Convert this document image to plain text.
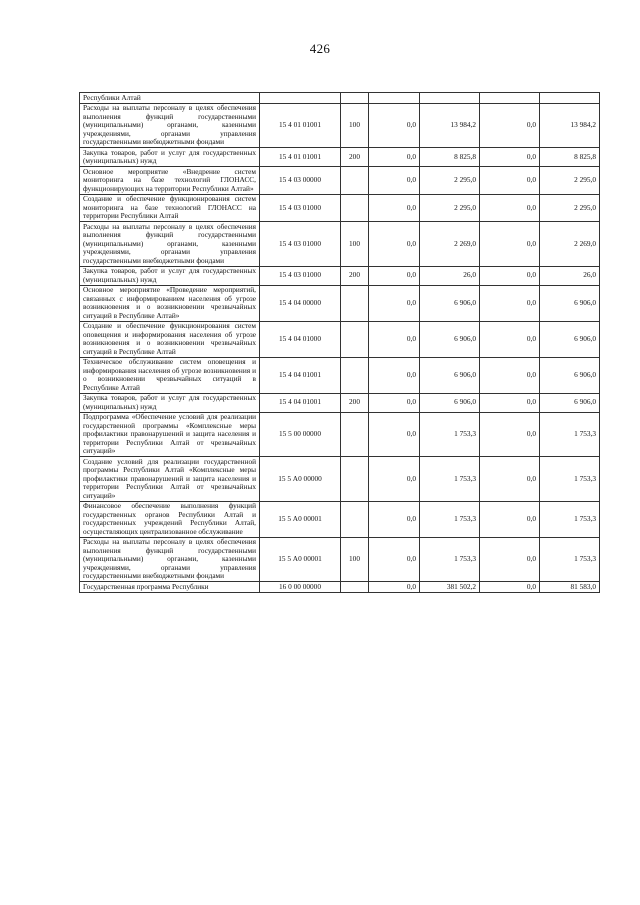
426
Республики Алтай						
Расходы на выплаты персоналу в целях обеспечения выполнения функций государственными (муниципальными) органами, казенными учреждениями, органами управления государственными внебюджетными фондами	15 4 01 01001	100	0,0	13 984,2	0,0	13 984,2
Закупка товаров, работ и услуг для государственных (муниципальных) нужд	15 4 01 01001	200	0,0	8 825,8	0,0	8 825,8
Основное мероприятие «Внедрение систем мониторинга на базе технологий ГЛОНАСС, функционирующих на территории Республики Алтай»	15 4 03 00000		0,0	2 295,0	0,0	2 295,0
Создание и обеспечение функционирования систем мониторинга на базе технологий ГЛОНАСС на территории Республики Алтай	15 4 03 01000		0,0	2 295,0	0,0	2 295,0
Расходы на выплаты персоналу в целях обеспечения выполнения функций государственными (муниципальными) органами, казенными учреждениями, органами управления государственными внебюджетными фондами	15 4 03 01000	100	0,0	2 269,0	0,0	2 269,0
Закупка товаров, работ и услуг для государственных (муниципальных) нужд	15 4 03 01000	200	0,0	26,0	0,0	26,0
Основное мероприятие «Проведение мероприятий, связанных с информированием населения об угрозе возникновения и о возникновении чрезвычайных ситуаций в Республике Алтай»	15 4 04 00000		0,0	6 906,0	0,0	6 906,0
Создание и обеспечение функционирования систем оповещения и информирования населения об угрозе возникновения и о возникновении чрезвычайных ситуаций в Республике Алтай	15 4 04 01000		0,0	6 906,0	0,0	6 906,0
Техническое обслуживание систем оповещения и информирования населения об угрозе возникновения и о возникновении чрезвычайных ситуаций в Республике Алтай	15 4 04 01001		0,0	6 906,0	0,0	6 906,0
Закупка товаров, работ и услуг для государственных (муниципальных) нужд	15 4 04 01001	200	0,0	6 906,0	0,0	6 906,0
Подпрограмма «Обеспечение условий для реализации государственной программы «Комплексные меры профилактики правонарушений и защита населения и территории Республики Алтай от чрезвычайных ситуаций»	15 5 00 00000		0,0	1 753,3	0,0	1 753,3
Создание условий для реализации государственной программы Республики Алтай «Комплексные меры профилактики правонарушений и защита населения и территории Республики Алтай от чрезвычайных ситуаций»	15 5 А0 00000		0,0	1 753,3	0,0	1 753,3
Финансовое обеспечение выполнения функций государственных органов Республики Алтай и государственных учреждений Республики Алтай, осуществляющих централизованное обслуживание	15 5 А0 00001		0,0	1 753,3	0,0	1 753,3
Расходы на выплаты персоналу в целях обеспечения выполнения функций государственными (муниципальными) органами, казенными учреждениями, органами управления государственными внебюджетными фондами	15 5 А0 00001	100	0,0	1 753,3	0,0	1 753,3
Государственная программа Республики	16 0 00 00000		0,0	381 502,2	0,0	81 583,0
